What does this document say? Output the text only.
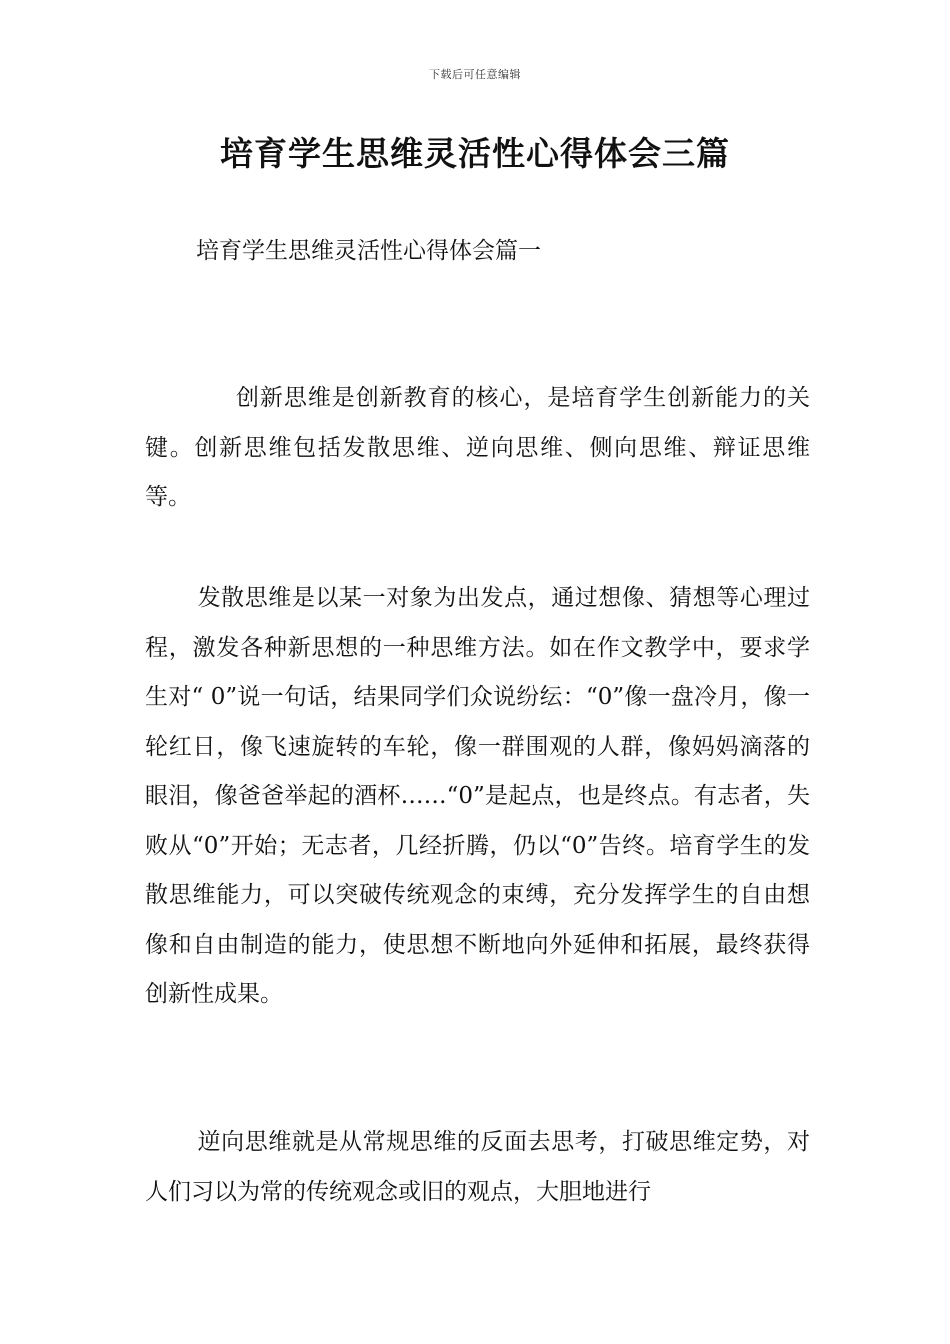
下载后可任意编辑
培育学生思维灵活性心得体会三篇
培育学生思维灵活性心得体会篇一
创新思维是创新教育的核心，是培育学生创新能力的关键。创新思维包括发散思维、逆向思维、侧向思维、辩证思维等。
发散思维是以某一对象为出发点，通过想像、猜想等心理过程，激发各种新思想的一种思维方法。如在作文教学中，要求学生对“ 0”说一句话，结果同学们众说纷纭：“0”像一盘冷月，像一轮红日，像飞速旋转的车轮，像一群围观的人群，像妈妈滴落的眼泪，像爸爸举起的酒杯……“0”是起点，也是终点。有志者，失败从“0”开始；无志者，几经折腾，仍以“0”告终。培育学生的发散思维能力，可以突破传统观念的束缚，充分发挥学生的自由想像和自由制造的能力，使思想不断地向外延伸和拓展，最终获得创新性成果。
逆向思维就是从常规思维的反面去思考，打破思维定势，对人们习以为常的传统观念或旧的观点，大胆地进行
